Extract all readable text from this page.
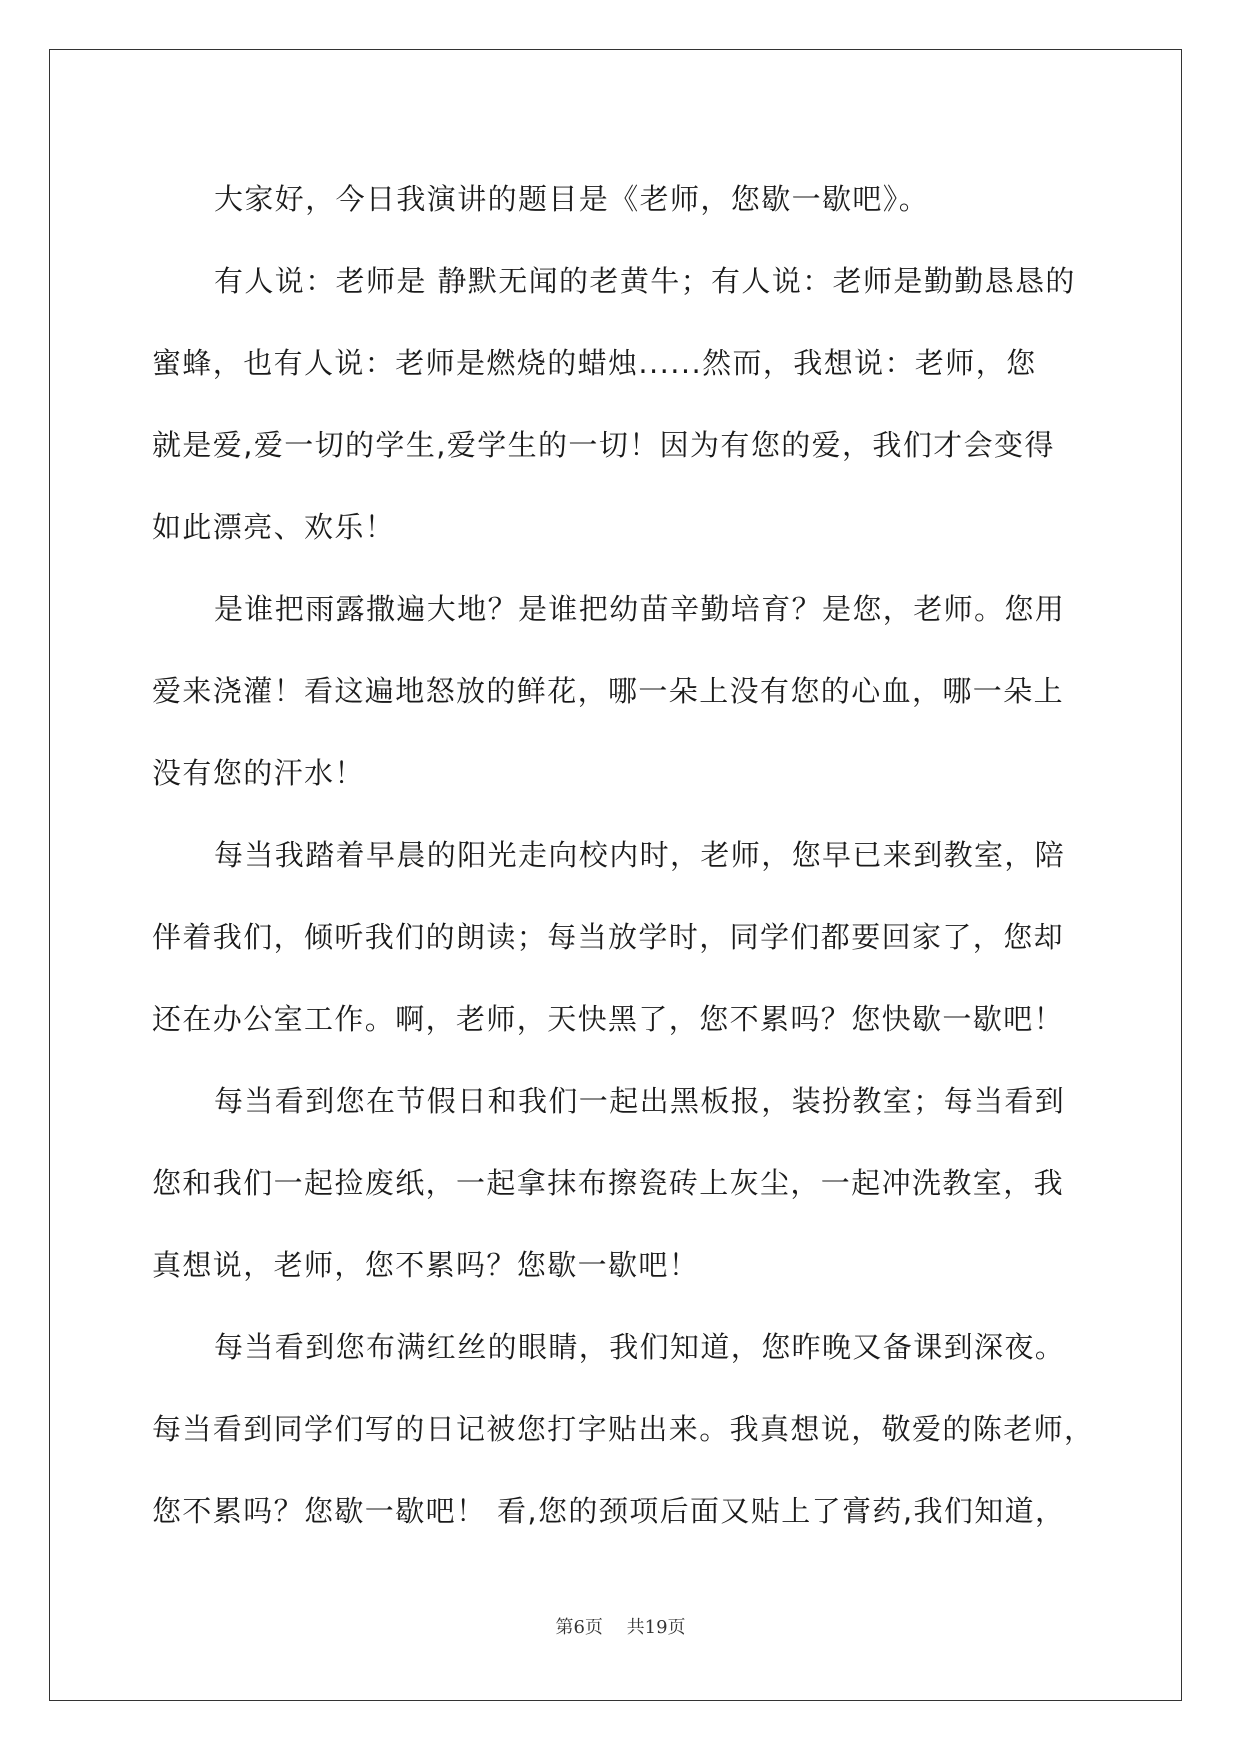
大家好，今日我演讲的题目是《老师，您歇一歇吧》。
有人说：老师是 静默无闻的老黄牛；有人说：老师是勤勤恳恳的
蜜蜂，也有人说：老师是燃烧的蜡烛......然而，我想说：老师，您
就是爱,爱一切的学生,爱学生的一切！因为有您的爱，我们才会变得
如此漂亮、欢乐！
是谁把雨露撒遍大地？是谁把幼苗辛勤培育？是您，老师。您用
爱来浇灌！看这遍地怒放的鲜花，哪一朵上没有您的心血，哪一朵上
没有您的汗水！
每当我踏着早晨的阳光走向校内时，老师，您早已来到教室，陪
伴着我们，倾听我们的朗读；每当放学时，同学们都要回家了，您却
还在办公室工作。啊，老师，天快黑了，您不累吗？您快歇一歇吧！
每当看到您在节假日和我们一起出黑板报，装扮教室；每当看到
您和我们一起捡废纸，一起拿抹布擦瓷砖上灰尘，一起冲洗教室，我
真想说，老师，您不累吗？您歇一歇吧！
每当看到您布满红丝的眼睛，我们知道，您昨晚又备课到深夜。
每当看到同学们写的日记被您打字贴出来。我真想说，敬爱的陈老师，
您不累吗？您歇一歇吧！ 看,您的颈项后面又贴上了膏药,我们知道，
第6页 共19页
